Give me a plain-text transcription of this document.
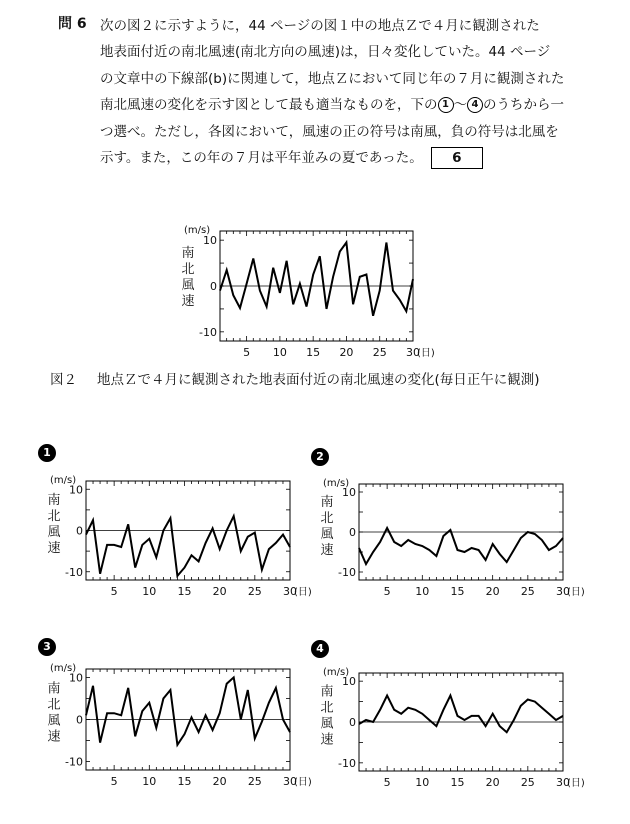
問 6 次の図２に示すように，44 ページの図１中の地点Ｚで４月に観測された
地表面付近の南北風速(南北方向の風速)は，日々変化していた。44 ページ
の文章中の下線部(b)に関連して，地点Ｚにおいて同じ年の７月に観測された
南北風速の変化を示す図として最も適当なものを，下の 1 〜 4 のうちから一
つ選べ。ただし，各図において，風速の正の符号は南風，負の符号は北風を
示す。また，この年の７月は平年並みの夏であった。 6
図２ 地点Ｚで４月に観測された地表面付近の南北風速の変化(毎日正午に観測)
1	2
3	4
-10
0
10
5 10 15 20 25 30
(日)
(m/s)
南
北
風
速
-10
0
10
5 10 15 20 25 30
(日)
(m/s)
南
北
風
速
-10
0
10
5 10 15 20 25 30
(日)
(m/s)
南
北
風
速
-10
0
10
5 10 15 20 25 30
(日)
(m/s)
南
北
風
速
-10
0
10
5 10 15 20 25 30
(日)
(m/s)
南
北
風
速
